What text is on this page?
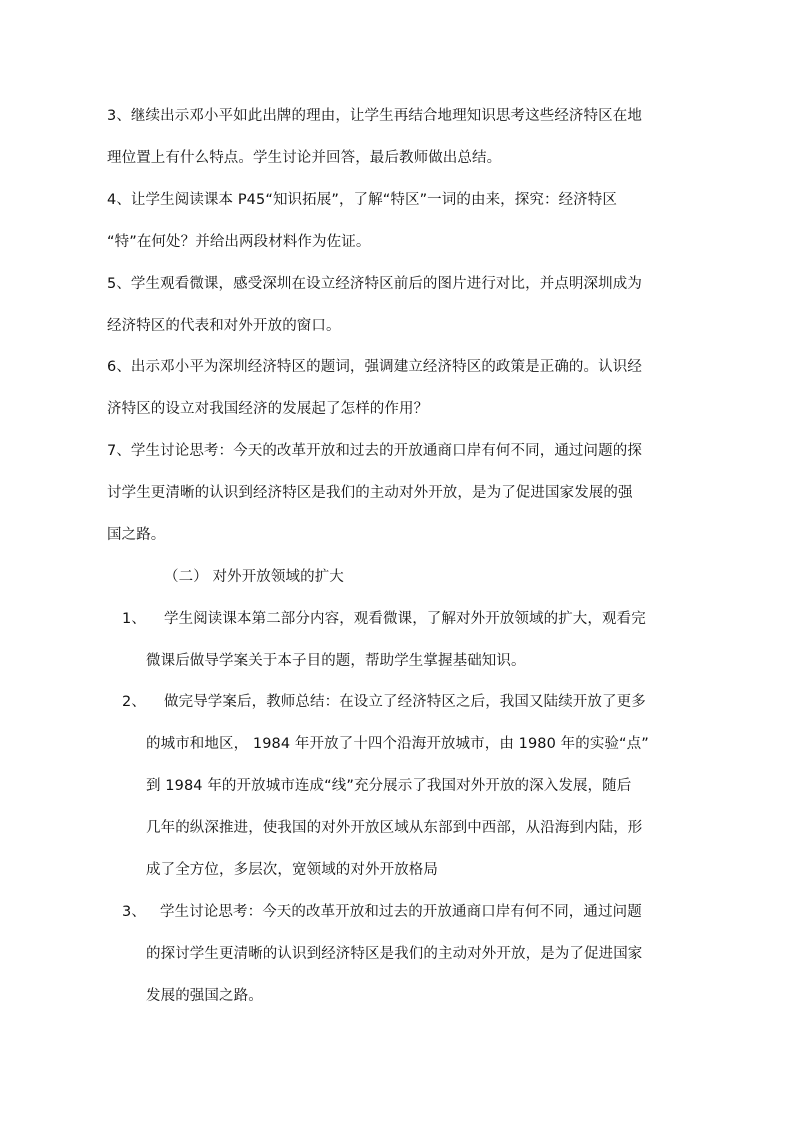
3、继续出示邓小平如此出牌的理由，让学生再结合地理知识思考这些经济特区在地
理位置上有什么特点。学生讨论并回答，最后教师做出总结。
4、让学生阅读课本 P45“知识拓展”，了解“特区”一词的由来，探究：经济特区
“特”在何处？并给出两段材料作为佐证。
5、学生观看微课，感受深圳在设立经济特区前后的图片进行对比，并点明深圳成为
经济特区的代表和对外开放的窗口。
6、出示邓小平为深圳经济特区的题词，强调建立经济特区的政策是正确的。认识经
济特区的设立对我国经济的发展起了怎样的作用？
7、学生讨论思考：今天的改革开放和过去的开放通商口岸有何不同，通过问题的探
讨学生更清晰的认识到经济特区是我们的主动对外开放，是为了促进国家发展的强
国之路。
（二） 对外开放领域的扩大
1、 学生阅读课本第二部分内容，观看微课，了解对外开放领域的扩大，观看完
微课后做导学案关于本子目的题，帮助学生掌握基础知识。
2、 做完导学案后，教师总结：在设立了经济特区之后，我国又陆续开放了更多
的城市和地区， 1984 年开放了十四个沿海开放城市，由 1980 年的实验“点”
到 1984 年的开放城市连成“线”充分展示了我国对外开放的深入发展，随后
几年的纵深推进，使我国的对外开放区域从东部到中西部，从沿海到内陆，形
成了全方位，多层次，宽领域的对外开放格局
3、 学生讨论思考：今天的改革开放和过去的开放通商口岸有何不同，通过问题
的探讨学生更清晰的认识到经济特区是我们的主动对外开放，是为了促进国家
发展的强国之路。
